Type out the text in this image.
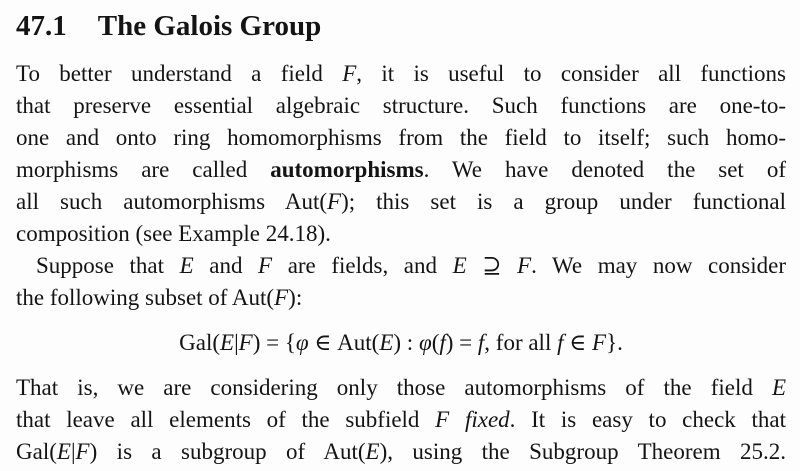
47.1 The Galois Group
To better understand a field F, it is useful to consider all functions
that preserve essential algebraic structure. Such functions are one-to-
one and onto ring homomorphisms from the field to itself; such homo-
morphisms are called automorphisms. We have denoted the set of
all such automorphisms Aut(F); this set is a group under functional
composition (see Example 24.18).
Suppose that E and F are fields, and E ⊇ F. We may now consider
the following subset of Aut(F):
Gal(E|F) = {φ ∈ Aut(E) : φ(f) = f, for all f ∈ F}.
That is, we are considering only those automorphisms of the field E
that leave all elements of the subfield F fixed. It is easy to check that
Gal(E|F) is a subgroup of Aut(E), using the Subgroup Theorem 25.2.
